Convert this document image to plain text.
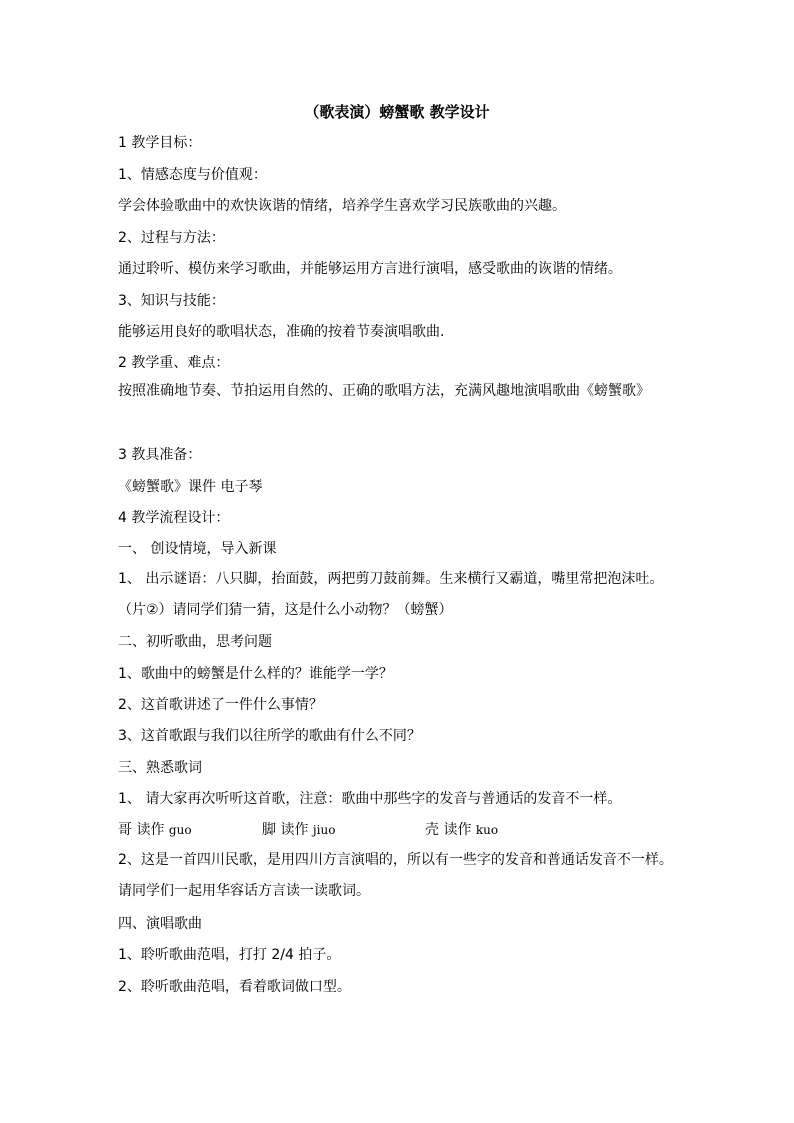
（歌表演）螃蟹歌 教学设计
1 教学目标：
1、情感态度与价值观：
学会体验歌曲中的欢快诙谐的情绪，培养学生喜欢学习民族歌曲的兴趣。
2、过程与方法：
通过聆听、模仿来学习歌曲，并能够运用方言进行演唱，感受歌曲的诙谐的情绪。
3、知识与技能：
能够运用良好的歌唱状态，准确的按着节奏演唱歌曲.
2 教学重、难点：
按照准确地节奏、节拍运用自然的、正确的歌唱方法，充满风趣地演唱歌曲《螃蟹歌》
3 教具准备：
《螃蟹歌》课件 电子琴
4 教学流程设计：
一、 创设情境，导入新课
1、 出示谜语：八只脚，抬面鼓，两把剪刀鼓前舞。生来横行又霸道，嘴里常把泡沫吐。（片②）请同学们猜一猜，这是什么小动物？（螃蟹）
二、初听歌曲，思考问题
1、歌曲中的螃蟹是什么样的？谁能学一学？
2、这首歌讲述了一件什么事情？
3、这首歌跟与我们以往所学的歌曲有什么不同？
三、熟悉歌词
1、 请大家再次听听这首歌，注意：歌曲中那些字的发音与普通话的发音不一样。
哥 读作 guo	脚 读作 jiuo	壳 读作 kuo
2、这是一首四川民歌，是用四川方言演唱的，所以有一些字的发音和普通话发音不一样。请同学们一起用华容话方言读一读歌词。
四、演唱歌曲
1、聆听歌曲范唱，打打 2/4 拍子。
2、聆听歌曲范唱，看着歌词做口型。
